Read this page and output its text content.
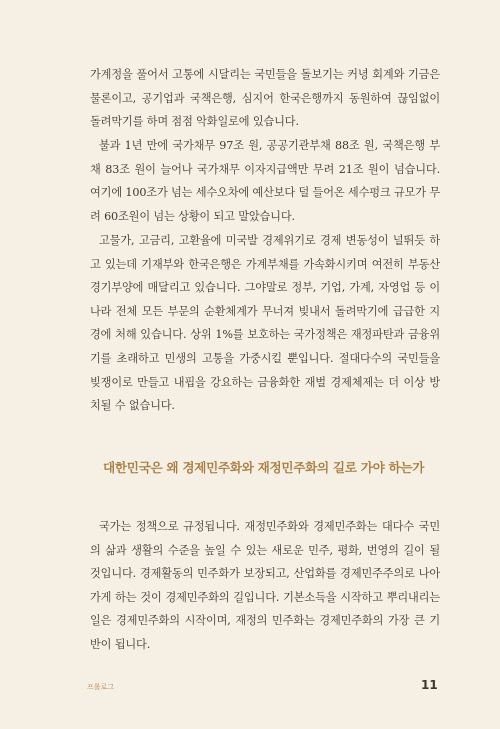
가계정을 풀어서 고통에 시달리는 국민들을 돌보기는 커녕 회계와 기금은
물론이고, 공기업과 국책은행, 심지어 한국은행까지 동원하여 끊임없이
돌려막기를 하며 점점 악화일로에 있습니다.
불과 1년 만에 국가채무 97조 원, 공공기관부채 88조 원, 국책은행 부
채 83조 원이 늘어나 국가채무 이자지급액만 무려 21조 원이 넘습니다.
여기에 100조가 넘는 세수오차에 예산보다 덜 들어온 세수펑크 규모가 무
려 60조원이 넘는 상황이 되고 말았습니다.
고물가, 고금리, 고환율에 미국발 경제위기로 경제 변동성이 널뛰듯 하
고 있는데 기재부와 한국은행은 가계부채를 가속화시키며 여전히 부동산
경기부양에 매달리고 있습니다. 그야말로 정부, 기업, 가계, 자영업 등 이
나라 전체 모든 부문의 순환체계가 무너져 빚내서 돌려막기에 급급한 지
경에 처해 있습니다. 상위 1%를 보호하는 국가정책은 재정파탄과 금융위
기를 초래하고 민생의 고통을 가중시킬 뿐입니다. 절대다수의 국민들을
빚쟁이로 만들고 내핍을 강요하는 금융화한 재벌 경제체제는 더 이상 방
치될 수 없습니다.
대한민국은 왜 경제민주화와 재정민주화의 길로 가야 하는가
국가는 정책으로 규정됩니다. 재정민주화와 경제민주화는 대다수 국민
의 삶과 생활의 수준을 높일 수 있는 새로운 민주, 평화, 번영의 길이 될
것입니다. 경제활동의 민주화가 보장되고, 산업화를 경제민주주의로 나아
가게 하는 것이 경제민주화의 길입니다. 기본소득을 시작하고 뿌리내리는
일은 경제민주화의 시작이며, 재정의 민주화는 경제민주화의 가장 큰 기
반이 됩니다.
프롤로그	11
